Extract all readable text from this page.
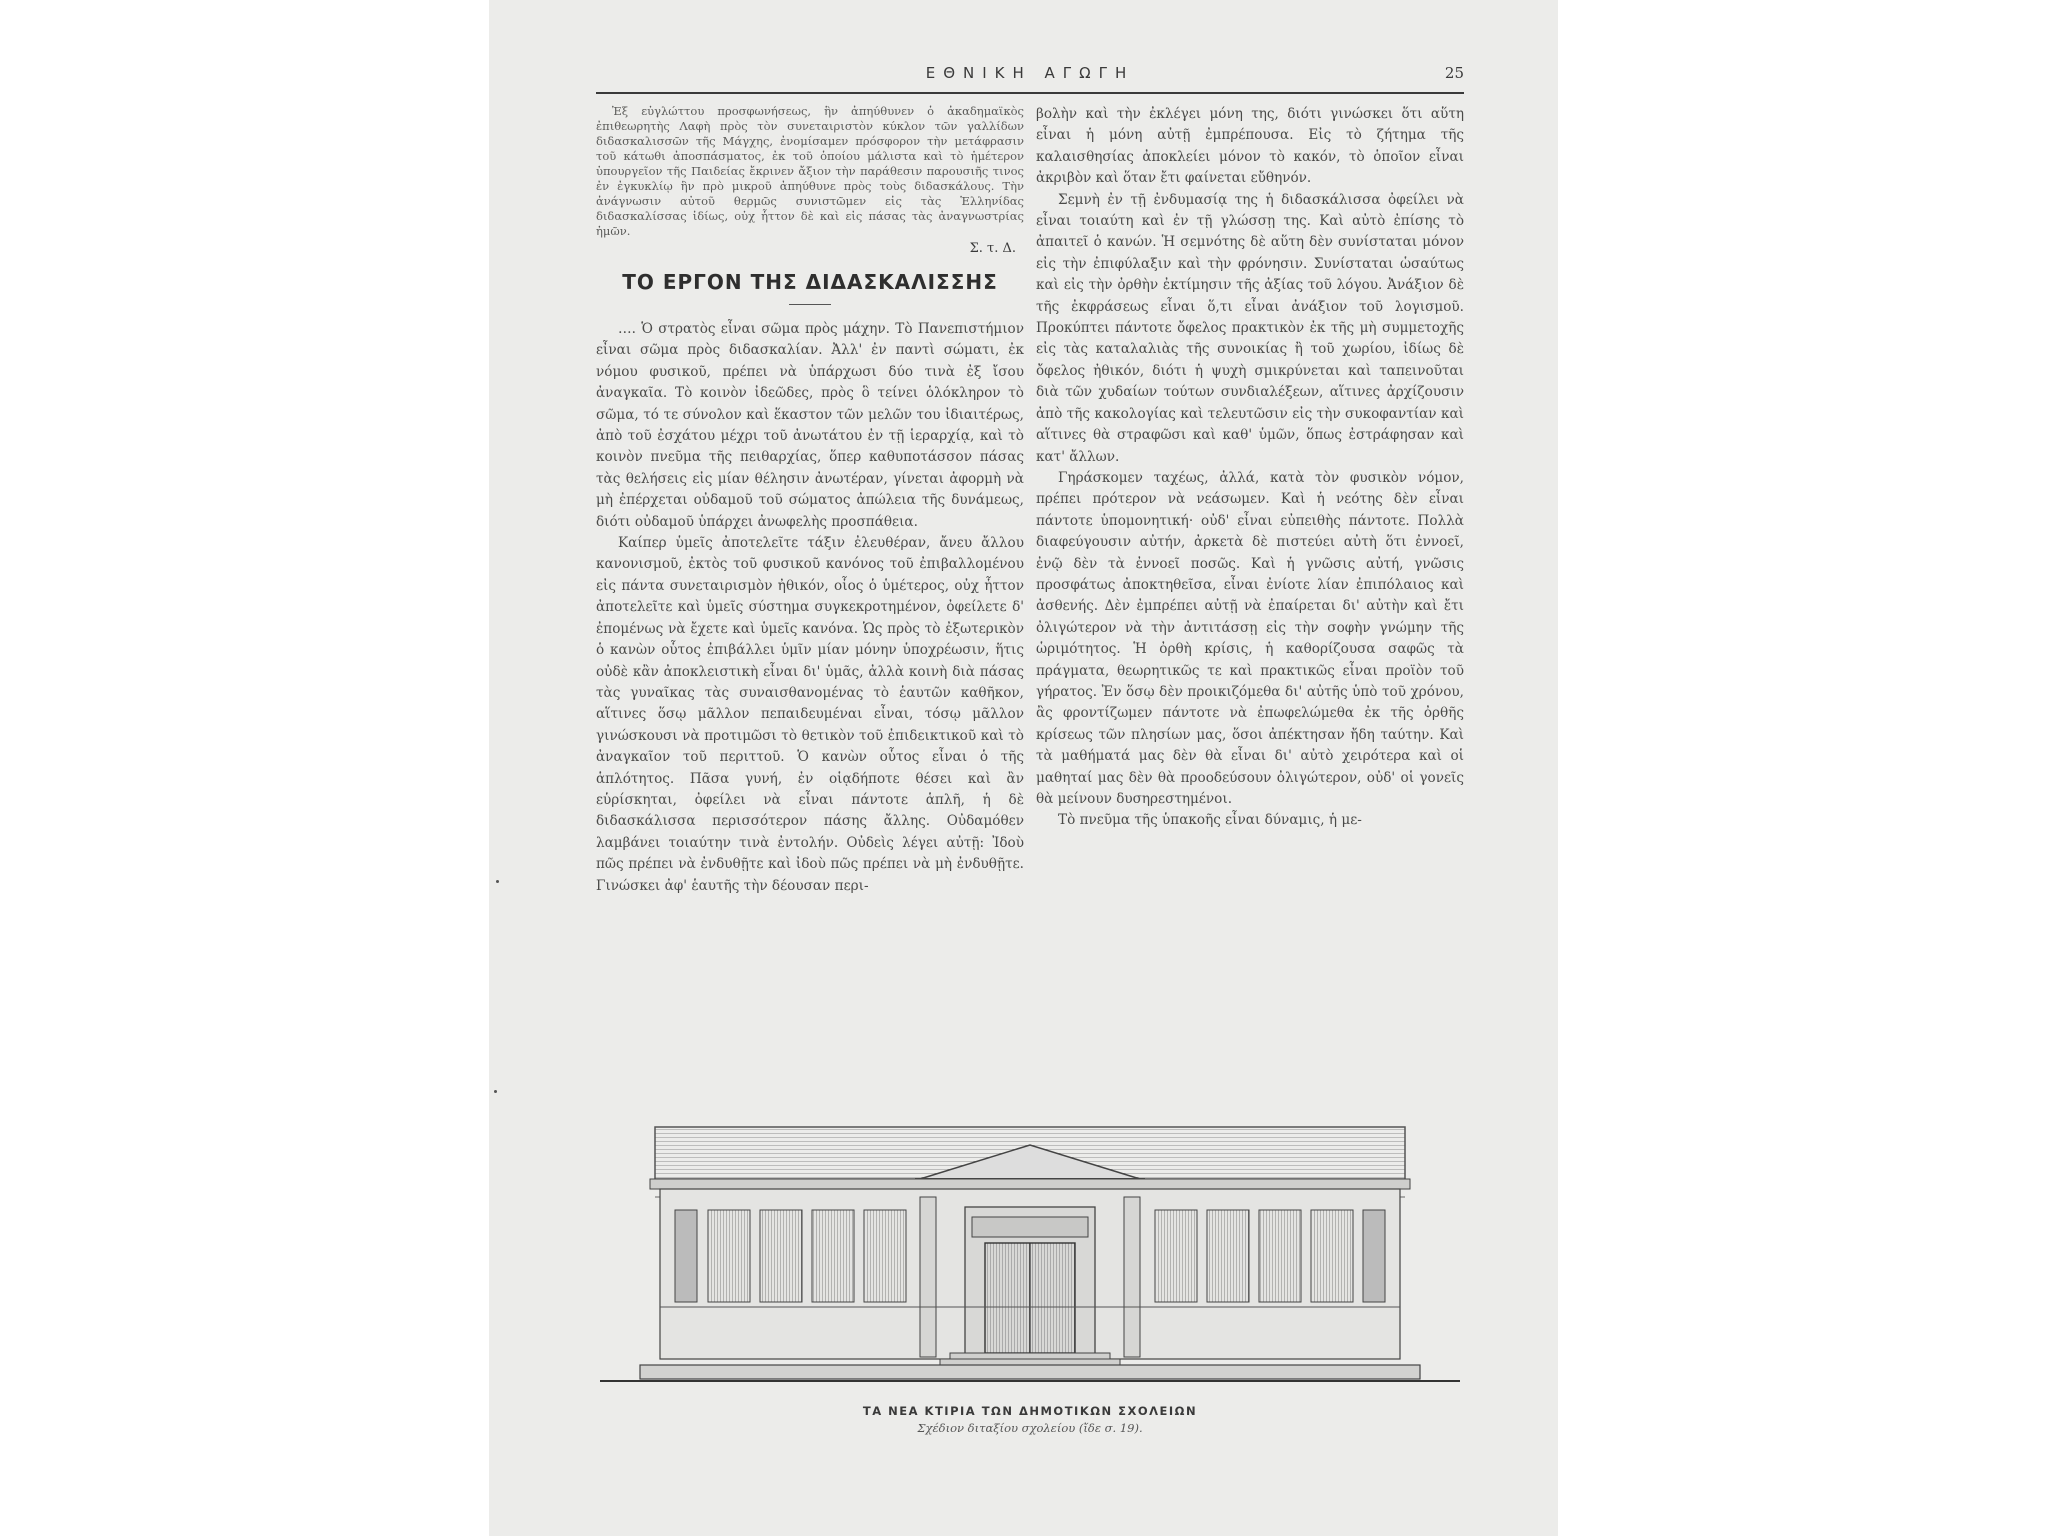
ΕΘΝΙΚΗ ΑΓΩΓΗ	25

Ἐξ εὐγλώττου προσφωνήσεως, ἣν ἀπηύθυνεν ὁ ἀκαδημαϊκὸς ἐπιθεωρητὴς Λαφὴ πρὸς τὸν συνεταιριστὸν κύκλον τῶν γαλλίδων διδασκαλισσῶν τῆς Μάγχης, ἐνομίσαμεν πρόσφορον τὴν μετάφρασιν τοῦ κάτωθι ἀποσπάσματος, ἐκ τοῦ ὁποίου μάλιστα καὶ τὸ ἡμέτερον ὑπουργεῖον τῆς Παιδείας ἔκρινεν ἄξιον τὴν παράθεσιν παρουσιῆς τινος ἐν ἐγκυκλίῳ ἣν πρὸ μικροῦ ἀπηύθυνε πρὸς τοὺς διδασκάλους. Τὴν ἀνάγνωσιν αὐτοῦ θερμῶς συνιστῶμεν εἰς τὰς Ἑλληνίδας διδασκαλίσσας ἰδίως, οὐχ ἧττον δὲ καὶ εἰς πάσας τὰς ἀναγνωστρίας ἡμῶν.

Σ. τ. Δ.
ΤΟ ΕΡΓΟΝ ΤΗΣ ΔΙΔΑΣΚΑΛΙΣΣΗΣ

…. Ὁ στρατὸς εἶναι σῶμα πρὸς μάχην. Τὸ Πανεπιστήμιον εἶναι σῶμα πρὸς διδασκαλίαν. Ἀλλ' ἐν παντὶ σώματι, ἐκ νόμου φυσικοῦ, πρέπει νὰ ὑπάρχωσι δύο τινὰ ἐξ ἴσου ἀναγκαῖα. Τὸ κοινὸν ἰδεῶδες, πρὸς ὃ τείνει ὁλόκληρον τὸ σῶμα, τό τε σύνολον καὶ ἕκαστον τῶν μελῶν του ἰδιαιτέρως, ἀπὸ τοῦ ἐσχάτου μέχρι τοῦ ἀνωτάτου ἐν τῇ ἱεραρχίᾳ, καὶ τὸ κοινὸν πνεῦμα τῆς πειθαρχίας, ὅπερ καθυποτάσσον πάσας τὰς θελήσεις εἰς μίαν θέλησιν ἀνωτέραν, γίνεται ἀφορμὴ νὰ μὴ ἐπέρχεται οὐδαμοῦ τοῦ σώματος ἀπώλεια τῆς δυνάμεως, διότι οὐδαμοῦ ὑπάρχει ἀνωφελὴς προσπάθεια.

Καίπερ ὑμεῖς ἀποτελεῖτε τάξιν ἐλευθέραν, ἄνευ ἄλλου κανονισμοῦ, ἐκτὸς τοῦ φυσικοῦ κανόνος τοῦ ἐπιβαλλομένου εἰς πάντα συνεταιρισμὸν ἠθικόν, οἷος ὁ ὑμέτερος, οὐχ ἧττον ἀποτελεῖτε καὶ ὑμεῖς σύστημα συγκεκροτημένον, ὀφείλετε δ' ἐπομένως νὰ ἔχετε καὶ ὑμεῖς κανόνα. Ὡς πρὸς τὸ ἐξωτερικὸν ὁ κανὼν οὗτος ἐπιβάλλει ὑμῖν μίαν μόνην ὑποχρέωσιν, ἥτις οὐδὲ κἂν ἀποκλειστικὴ εἶναι δι' ὑμᾶς, ἀλλὰ κοινὴ διὰ πάσας τὰς γυναῖκας τὰς συναισθανομένας τὸ ἑαυτῶν καθῆκον, αἵτινες ὅσῳ μᾶλλον πεπαιδευμέναι εἶναι, τόσῳ μᾶλλον γινώσκουσι νὰ προτιμῶσι τὸ θετικὸν τοῦ ἐπιδεικτικοῦ καὶ τὸ ἀναγκαῖον τοῦ περιττοῦ. Ὁ κανὼν οὗτος εἶναι ὁ τῆς ἁπλότητος. Πᾶσα γυνή, ἐν οἱᾳδήποτε θέσει καὶ ἂν εὑρίσκηται, ὀφείλει νὰ εἶναι πάντοτε ἁπλῆ, ἡ δὲ διδασκάλισσα περισσότερον πάσης ἄλλης. Οὐδαμόθεν λαμβάνει τοιαύτην τινὰ ἐντολήν. Οὐδεὶς λέγει αὐτῇ: Ἰδοὺ πῶς πρέπει νὰ ἐνδυθῇτε καὶ ἰδοὺ πῶς πρέπει νὰ μὴ ἐνδυθῇτε. Γινώσκει ἀφ' ἑαυτῆς τὴν δέουσαν περι-

βολὴν καὶ τὴν ἐκλέγει μόνη της, διότι γινώσκει ὅτι αὕτη εἶναι ἡ μόνη αὐτῇ ἐμπρέπουσα. Εἰς τὸ ζήτημα τῆς καλαισθησίας ἀποκλείει μόνον τὸ κακόν, τὸ ὁποῖον εἶναι ἀκριβὸν καὶ ὅταν ἔτι φαίνεται εὔθηνόν.

Σεμνὴ ἐν τῇ ἐνδυμασίᾳ της ἡ διδασκάλισσα ὀφείλει νὰ εἶναι τοιαύτη καὶ ἐν τῇ γλώσσῃ της. Καὶ αὐτὸ ἐπίσης τὸ ἀπαιτεῖ ὁ κανών. Ἡ σεμνότης δὲ αὕτη δὲν συνίσταται μόνον εἰς τὴν ἐπιφύλαξιν καὶ τὴν φρόνησιν. Συνίσταται ὡσαύτως καὶ εἰς τὴν ὀρθὴν ἐκτίμησιν τῆς ἀξίας τοῦ λόγου. Ἀνάξιον δὲ τῆς ἐκφράσεως εἶναι ὅ,τι εἶναι ἀνάξιον τοῦ λογισμοῦ. Προκύπτει πάντοτε ὄφελος πρακτικὸν ἐκ τῆς μὴ συμμετοχῆς εἰς τὰς καταλαλιὰς τῆς συνοικίας ἢ τοῦ χωρίου, ἰδίως δὲ ὄφελος ἠθικόν, διότι ἡ ψυχὴ σμικρύνεται καὶ ταπεινοῦται διὰ τῶν χυδαίων τούτων συνδιαλέξεων, αἵτινες ἀρχίζουσιν ἀπὸ τῆς κακολογίας καὶ τελευτῶσιν εἰς τὴν συκοφαντίαν καὶ αἵτινες θὰ στραφῶσι καὶ καθ' ὑμῶν, ὅπως ἐστράφησαν καὶ κατ' ἄλλων.

Γηράσκομεν ταχέως, ἀλλά, κατὰ τὸν φυσικὸν νόμον, πρέπει πρότερον νὰ νεάσωμεν. Καὶ ἡ νεότης δὲν εἶναι πάντοτε ὑπομονητική· οὐδ' εἶναι εὐπειθὴς πάντοτε. Πολλὰ διαφεύγουσιν αὐτήν, ἀρκετὰ δὲ πιστεύει αὐτὴ ὅτι ἐννοεῖ, ἐνῷ δὲν τὰ ἐννοεῖ ποσῶς. Καὶ ἡ γνῶσις αὐτή, γνῶσις προσφάτως ἀποκτηθεῖσα, εἶναι ἐνίοτε λίαν ἐπιπόλαιος καὶ ἀσθενής. Δὲν ἐμπρέπει αὐτῇ νὰ ἐπαίρεται δι' αὐτὴν καὶ ἔτι ὀλιγώτερον νὰ τὴν ἀντιτάσσῃ εἰς τὴν σοφὴν γνώμην τῆς ὡριμότητος. Ἡ ὀρθὴ κρίσις, ἡ καθορίζουσα σαφῶς τὰ πράγματα, θεωρητικῶς τε καὶ πρακτικῶς εἶναι προϊὸν τοῦ γήρατος. Ἐν ὅσῳ δὲν προικιζόμεθα δι' αὐτῆς ὑπὸ τοῦ χρόνου, ἂς φροντίζωμεν πάντοτε νὰ ἐπωφελώμεθα ἐκ τῆς ὀρθῆς κρίσεως τῶν πλησίων μας, ὅσοι ἀπέκτησαν ἤδη ταύτην. Καὶ τὰ μαθήματά μας δὲν θὰ εἶναι δι' αὐτὸ χειρότερα καὶ οἱ μαθηταί μας δὲν θὰ προοδεύσουν ὀλιγώτερον, οὐδ' οἱ γονεῖς θὰ μείνουν δυσηρεστημένοι.

Τὸ πνεῦμα τῆς ὑπακοῆς εἶναι δύναμις, ἡ με-

ΤΑ ΝΕΑ ΚΤΙΡΙΑ ΤΩΝ ΔΗΜΟΤΙΚΩΝ ΣΧΟΛΕΙΩΝ
Σχέδιον διταξίου σχολείου (ἴδε σ. 19).
